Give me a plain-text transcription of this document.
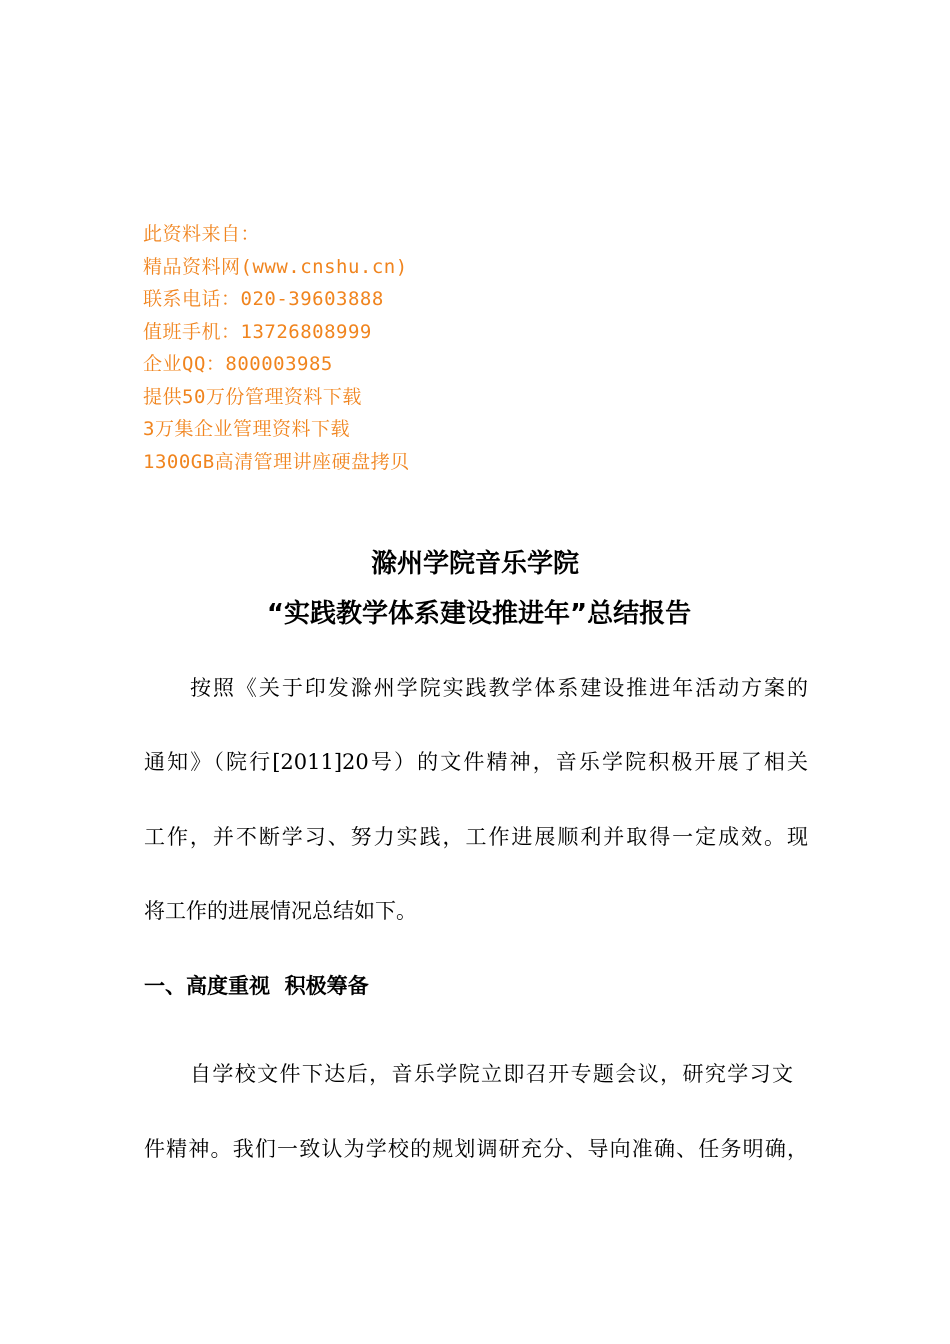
此资料来自：
精品资料网(www.cnshu.cn)
联系电话：020-39603888
值班手机：13726808999
企业QQ：800003985
提供50万份管理资料下载
3万集企业管理资料下载
1300GB高清管理讲座硬盘拷贝
滁州学院音乐学院
“实践教学体系建设推进年”总结报告
按照《关于印发滁州学院实践教学体系建设推进年活动方案的
通知》（院行[2011]20号）的文件精神，音乐学院积极开展了相关
工作，并不断学习、努力实践，工作进展顺利并取得一定成效。现
将工作的进展情况总结如下。
一、高度重视  积极筹备
自学校文件下达后，音乐学院立即召开专题会议，研究学习文
件精神。我们一致认为学校的规划调研充分、导向准确、任务明确，
